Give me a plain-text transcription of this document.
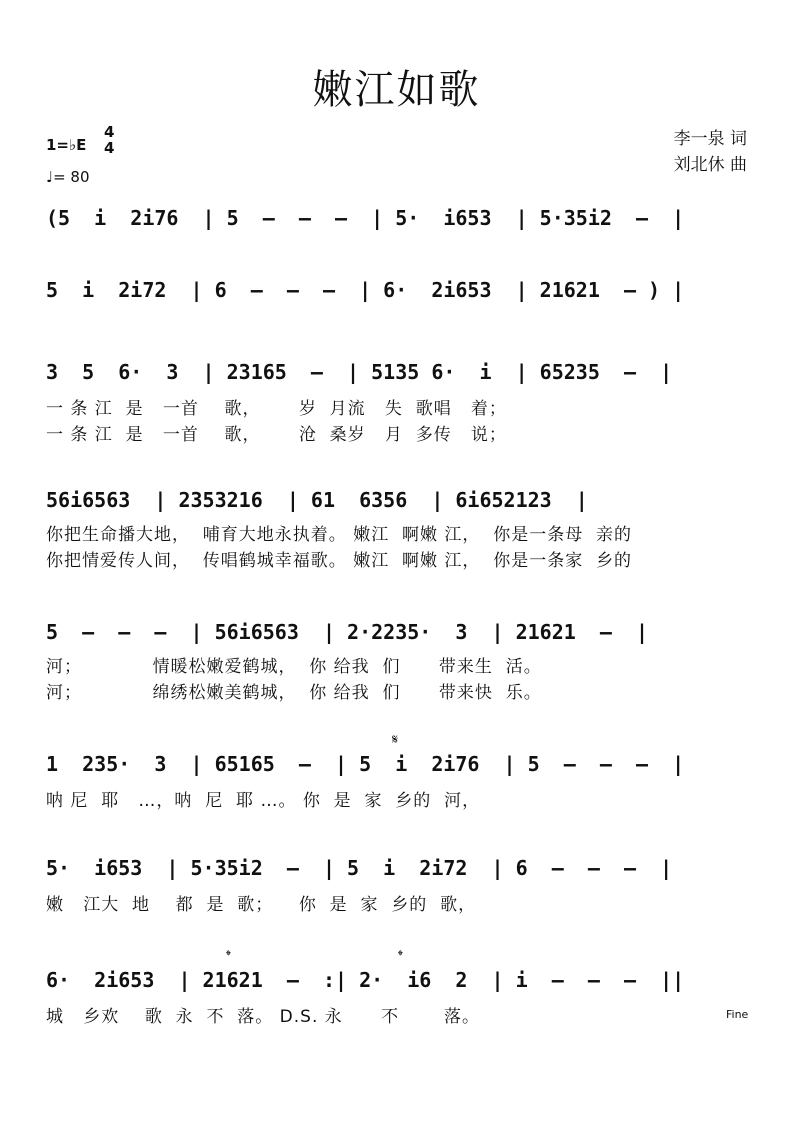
嫩江如歌
1=♭E
4
4
♩= 80
李一泉 词
刘北休 曲
(5  i  2i76  | 5  –  –  –  | 5·  i653  | 5·35i2  –  |
5  i  2i72  | 6  –  –  –  | 6·  2i653  | 21621  – ) |
3  5  6·  3  | 23165  –  | 5135 6·  i  | 65235  –  |
一 条 江  是   一首    歌，      岁  月流   失  歌唱   着；
一 条 江  是   一首    歌，      沧  桑岁   月  多传   说；
56i6563  | 2353216  | 61  6356  | 6i652123  |
你把生命播大地，  哺育大地永执着。 嫩江  啊嫩 江，  你是一条母  亲的
你把情爱传人间，  传唱鹤城幸福歌。 嫩江  啊嫩 江，  你是一条家  乡的
5  –  –  –  | 56i6563  | 2·2235·  3  | 21621  –  |
河；           情暖松嫩爱鹤城，  你 给我  们      带来生  活。
河；           绵绣松嫩美鹤城，  你 给我  们      带来快  乐。
𝄋
1  235·  3  | 65165  –  | 5  i  2i76  | 5  –  –  –  |
呐 尼  耶   …，呐  尼  耶 …。 你  是  家  乡的  河，
5·  i653  | 5·35i2  –  | 5  i  2i72  | 6  –  –  –  |
嫩   江大  地    都  是  歌；    你  是  家  乡的  歌，
𝄌	𝄌
6·  2i653  | 21621  –  :| 2·  i6  2  | i  –  –  –  ||
城   乡欢    歌  永  不  落。 D.S. 永      不       落。	Fine
